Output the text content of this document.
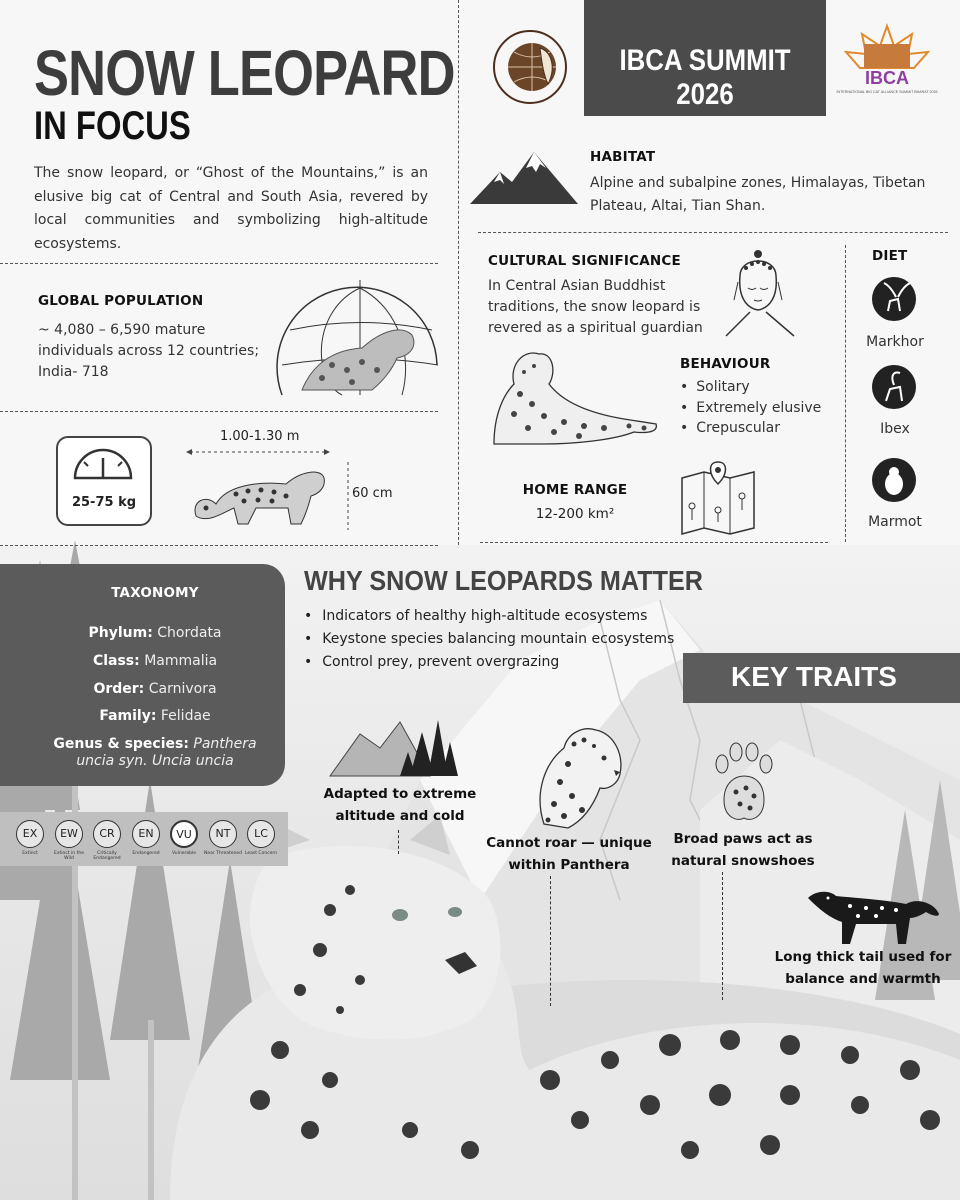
SNOW LEOPARD
IN FOCUS
The snow leopard, or “Ghost of the Mountains,” is an elusive big cat of Central and South Asia, revered by local communities and symbolizing high-altitude ecosystems.
GLOBAL POPULATION
~ 4,080 – 6,590 mature individuals across 12 countries; India- 718
25-75 kg
1.00-1.30 m
60 cm
IBCA SUMMIT 2026	IBCA
INTERNATIONAL BIG CAT ALLIANCE SUMMIT BHARAT 2026
HABITAT
Alpine and subalpine zones, Himalayas, Tibetan Plateau, Altai, Tian Shan.
CULTURAL SIGNIFICANCE
In Central Asian Buddhist traditions, the snow leopard is revered as a spiritual guardian
BEHAVIOUR
• Solitary
• Extremely elusive
• Crepuscular
HOME RANGE
12-200 km²
DIET
Markhor
Ibex
Marmot
TAXONOMY
Phylum: Chordata
Class: Mammalia
Order: Carnivora
Family: Felidae
Genus & species: Panthera
uncia syn. Uncia uncia
EX
Extinct
EW
Extinct in the Wild
CR
Critically Endangered
EN
Endangered
VU
Vulnerable
NT
Near Threatened
LC
Least Concern
WHY SNOW LEOPARDS MATTER
• Indicators of healthy high-altitude ecosystems
• Keystone species balancing mountain ecosystems
• Control prey, prevent overgrazing	KEY TRAITS
Adapted to extreme altitude and cold
Cannot roar — unique within Panthera
Broad paws act as natural snowshoes
Long thick tail used for balance and warmth
